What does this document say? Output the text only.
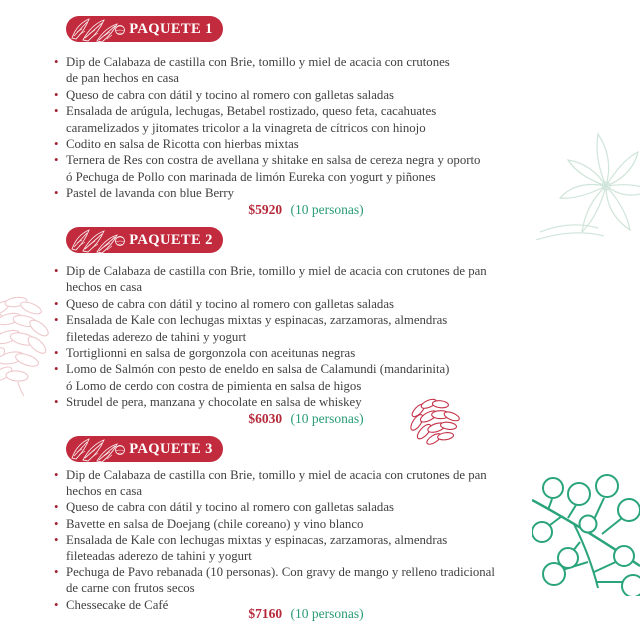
PAQUETE 1
• Dip de Calabaza de castilla con Brie, tomillo y miel de acacia con crutones
de pan hechos en casa
• Queso de cabra con dátil y tocino al romero con galletas saladas
• Ensalada de arúgula, lechugas, Betabel rostizado, queso feta, cacahuates
caramelizados y jitomates tricolor a la vinagreta de cítricos con hinojo
• Codito en salsa de Ricotta con hierbas mixtas
• Ternera de Res con costra de avellana y shitake en salsa de cereza negra y oporto
ó Pechuga de Pollo con marinada de limón Eureka con yogurt y piñones
• Pastel de lavanda con blue Berry
$5920 (10 personas)
PAQUETE 2
• Dip de Calabaza de castilla con Brie, tomillo y miel de acacia con crutones de pan
hechos en casa
• Queso de cabra con dátil y tocino al romero con galletas saladas
• Ensalada de Kale con lechugas mixtas y espinacas, zarzamoras, almendras
filetedas aderezo de tahini y yogurt
• Tortiglionni en salsa de gorgonzola con aceitunas negras
• Lomo de Salmón con pesto de eneldo en salsa de Calamundi (mandarinita)
ó Lomo de cerdo con costra de pimienta en salsa de higos
• Strudel de pera, manzana y chocolate en salsa de whiskey
$6030 (10 personas)
PAQUETE 3
• Dip de Calabaza de castilla con Brie, tomillo y miel de acacia con crutones de pan
hechos en casa
• Queso de cabra con dátil y tocino al romero con galletas saladas
• Bavette en salsa de Doejang (chile coreano) y vino blanco
• Ensalada de Kale con lechugas mixtas y espinacas, zarzamoras, almendras
fileteadas aderezo de tahini y yogurt
• Pechuga de Pavo rebanada (10 personas). Con gravy de mango y relleno tradicional
de carne con frutos secos
• Chessecake de Café
$7160 (10 personas)
